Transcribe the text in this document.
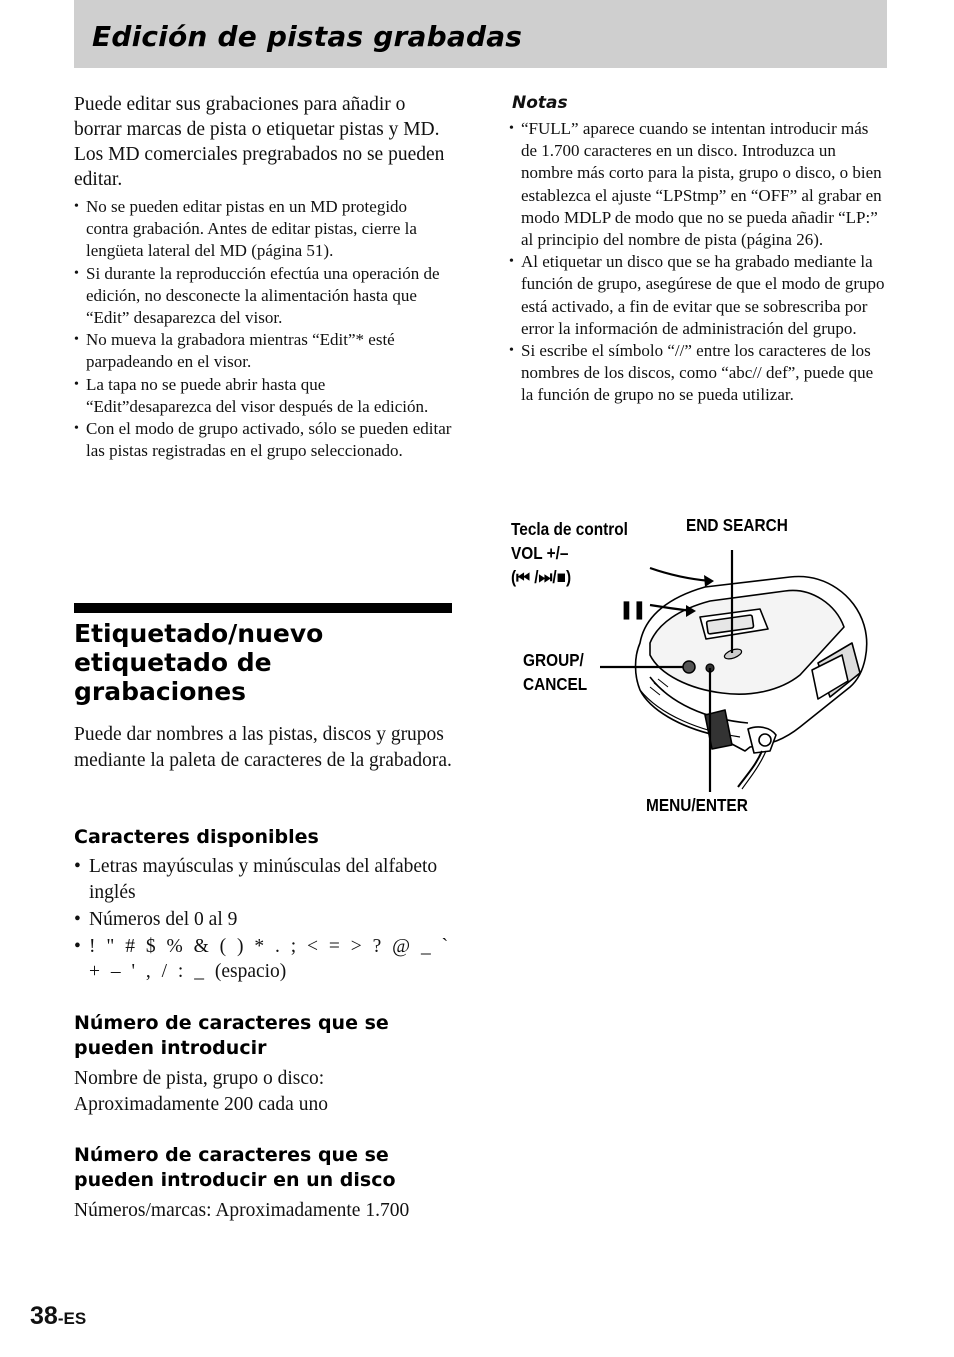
Edición de pistas grabadas

Puede editar sus grabaciones para añadir o borrar marcas de pista o etiquetar pistas y MD. Los MD comerciales pregrabados no se pueden editar.

• No se pueden editar pistas en un MD protegido contra grabación. Antes de editar pistas, cierre la lengüeta lateral del MD (página 51).
• Si durante la reproducción efectúa una operación de edición, no desconecte la alimentación hasta que “Edit” desaparezca del visor.
• No mueva la grabadora mientras “Edit”* esté parpadeando en el visor.
• La tapa no se puede abrir hasta que “Edit”desaparezca del visor después de la edición.
• Con el modo de grupo activado, sólo se pueden editar las pistas registradas en el grupo seleccionado.
Etiquetado/nuevo etiquetado de grabaciones

Puede dar nombres a las pistas, discos y grupos mediante la paleta de caracteres de la grabadora.

Caracteres disponibles
• Letras mayúsculas y minúsculas del alfabeto inglés
• Números del 0 al 9
• ! " # $ % & ( ) * . ; < = > ? @ _ ` + – ' , / : _ (espacio)
Número de caracteres que se pueden introducir

Nombre de pista, grupo o disco: Aproximadamente 200 cada uno

Número de caracteres que se pueden introducir en un disco

Números/marcas: Aproximadamente 1.700

Notas
• “FULL” aparece cuando se intentan introducir más de 1.700 caracteres en un disco. Introduzca un nombre más corto para la pista, grupo o disco, o bien establezca el ajuste “LPStmp” en “OFF” al grabar en modo MDLP de modo que no se pueda añadir “LP:” al principio del nombre de pista (página 26).
• Al etiquetar un disco que se ha grabado mediante la función de grupo, asegúrese de que el modo de grupo está activado, a fin de evitar que se sobrescriba por error la información de administración del grupo.
• Si escribe el símbolo “//” entre los caracteres de los nombres de los discos, como “abc// def”, puede que la función de grupo no se pueda utilizar.
Tecla de control
VOL +/–
(⏮ /⏭/■)
END SEARCH
❚❚
GROUP/
CANCEL
MENU/ENTER
38-ES
